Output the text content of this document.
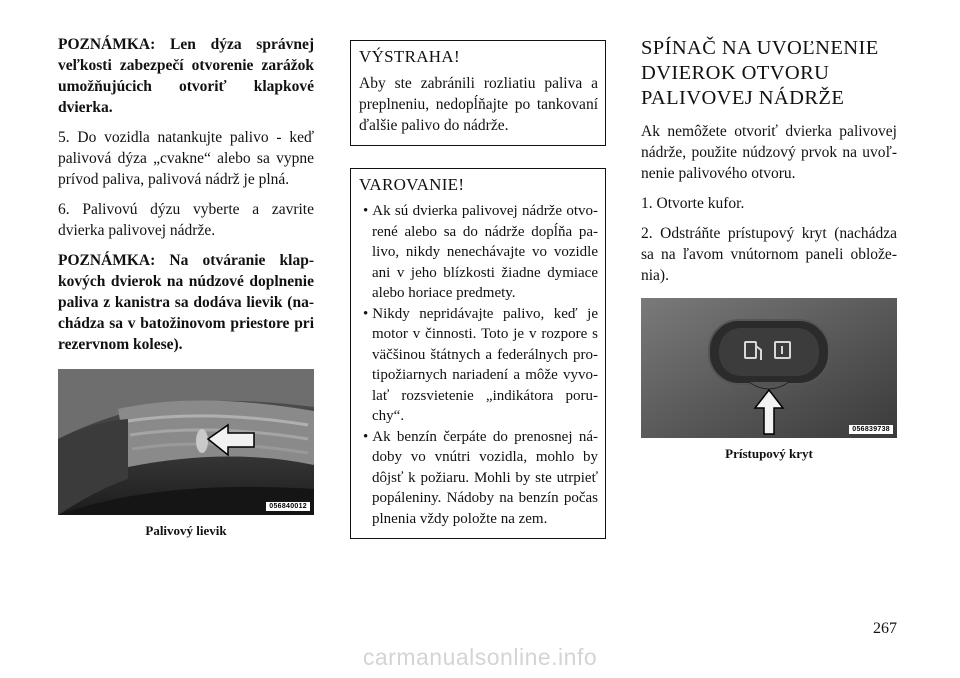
POZNÁMKA: Len dýza správnej veľkosti zabezpečí otvorenie zarážok umožňujúcich otvoriť klapkové dvierka.

5. Do vozidla natankujte palivo - keď palivová dýza „cvakne“ alebo sa vypne prívod paliva, palivová nádrž je plná.

6. Palivovú dýzu vyberte a zavrite dvierka palivovej nádrže.

POZNÁMKA: Na otváranie klapkových dvierok na núdzové doplnenie paliva z kanistra sa dodáva lievik (nachádza sa v batožinovom priestore pri rezervnom kolese).

056840012
Palivový lievik
VÝSTRAHA!

Aby ste zabránili rozliatiu paliva a preplneniu, nedopĺňajte po tankovaní ďalšie palivo do nádrže.

VAROVANIE!
• Ak sú dvierka palivovej nádrže otvorené alebo sa do nádrže dopĺňa palivo, nikdy nenechávajte vo vozidle ani v jeho blízkosti žiadne dymiace alebo horiace predmety.
• Nikdy nepridávajte palivo, keď je motor v činnosti. Toto je v rozpore s väčšinou štátnych a federálnych protipožiarnych nariadení a môže vyvolať rozsvietenie „indikátora poruchy“.
• Ak benzín čerpáte do prenosnej nádoby vo vnútri vozidla, mohlo by dôjsť k požiaru. Mohli by ste utrpieť popáleniny. Nádoby na benzín počas plnenia vždy položte na zem.
SPÍNAČ NA UVOĽNENIE DVIEROK OTVORU PALIVOVEJ NÁDRŽE

Ak nemôžete otvoriť dvierka palivovej nádrže, použite núdzový prvok na uvoľnenie palivového otvoru.

1. Otvorte kufor.

2. Odstráňte prístupový kryt (nachádza sa na ľavom vnútornom paneli obloženia).

056839738
Prístupový kryt
267
carmanualsonline.info
